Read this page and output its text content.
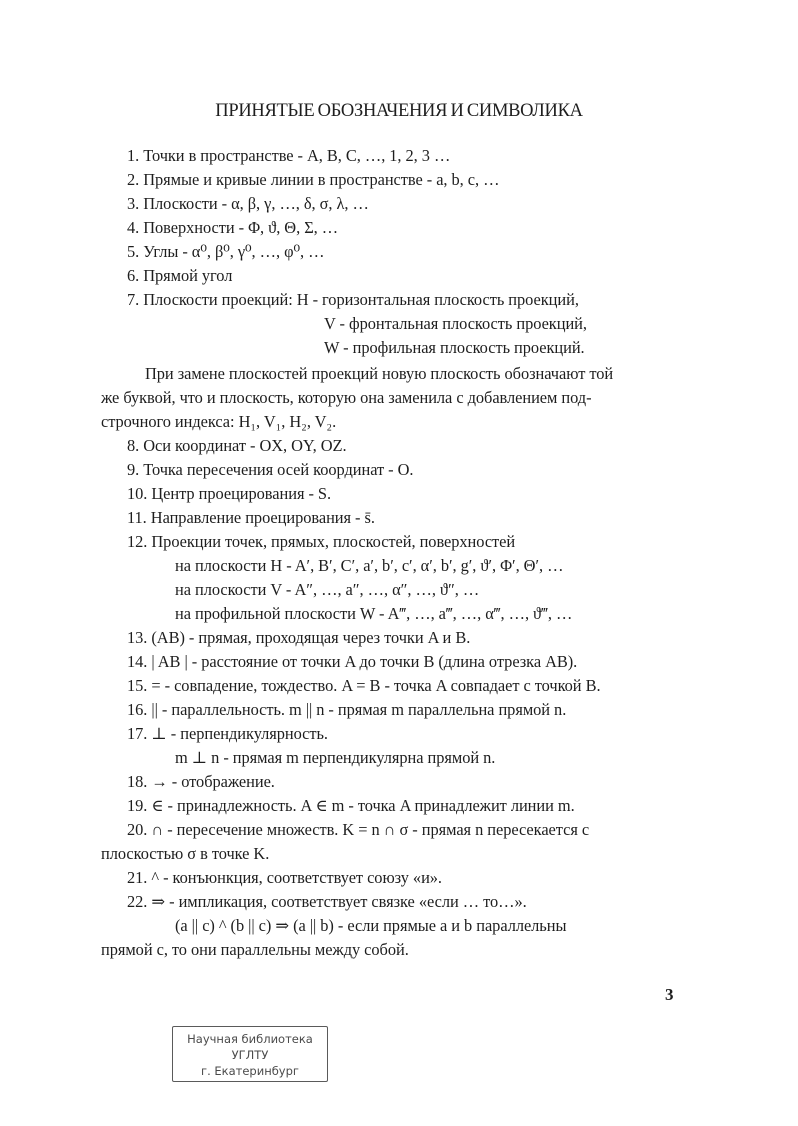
ПРИНЯТЫЕ ОБОЗНАЧЕНИЯ И СИМВОЛИКА
1. Точки в пространстве - A, B, C, …, 1, 2, 3 …
2. Прямые и кривые линии в пространстве - a, b, c, …
3. Плоскости - α, β, γ, …, δ, σ, λ, …
4. Поверхности - Φ, ϑ, Θ, Σ, …
5. Углы - α⁰, β⁰, γ⁰, …, φ⁰, …
6. Прямой угол
7. Плоскости проекций: H - горизонтальная плоскость проекций,
V - фронтальная плоскость проекций,
W - профильная плоскость проекций.
При замене плоскостей проекций новую плоскость обозначают той
же буквой, что и плоскость, которую она заменила с добавлением под-
строчного индекса: H₁, V₁, H₂, V₂.
8. Оси координат - OX, OY, OZ.
9. Точка пересечения осей координат - O.
10. Центр проецирования - S.
11. Направление проецирования - s̄.
12. Проекции точек, прямых, плоскостей, поверхностей
на плоскости H - A′, B′, C′, a′, b′, c′, α′, b′, g′, ϑ′, Φ′, Θ′, …
на плоскости V - A″, …, a″, …, α″, …, ϑ″, …
на профильной плоскости W - A‴, …, a‴, …, α‴, …, ϑ‴, …
13. (AB) - прямая, проходящая через точки A и B.
14. | AB | - расстояние от точки A до точки B (длина отрезка AB).
15. = - совпадение, тождество. A = B - точка A совпадает с точкой B.
16. || - параллельность. m || n - прямая m параллельна прямой n.
17. ⊥ - перпендикулярность.
m ⊥ n - прямая m перпендикулярна прямой n.
18. → - отображение.
19. ∈ - принадлежность. A ∈ m - точка A принадлежит линии m.
20. ∩ - пересечение множеств. K = n ∩ σ - прямая n пересекается с
плоскостью σ в точке K.
21. ^ - конъюнкция, соответствует союзу «и».
22. ⇒ - импликация, соответствует связке «если … то…».
(a || c) ^ (b || c) ⇒ (a || b) - если прямые a и b параллельны
прямой c, то они параллельны между собой.
3
Научная библиотека
УГЛТУ
г. Екатеринбург
